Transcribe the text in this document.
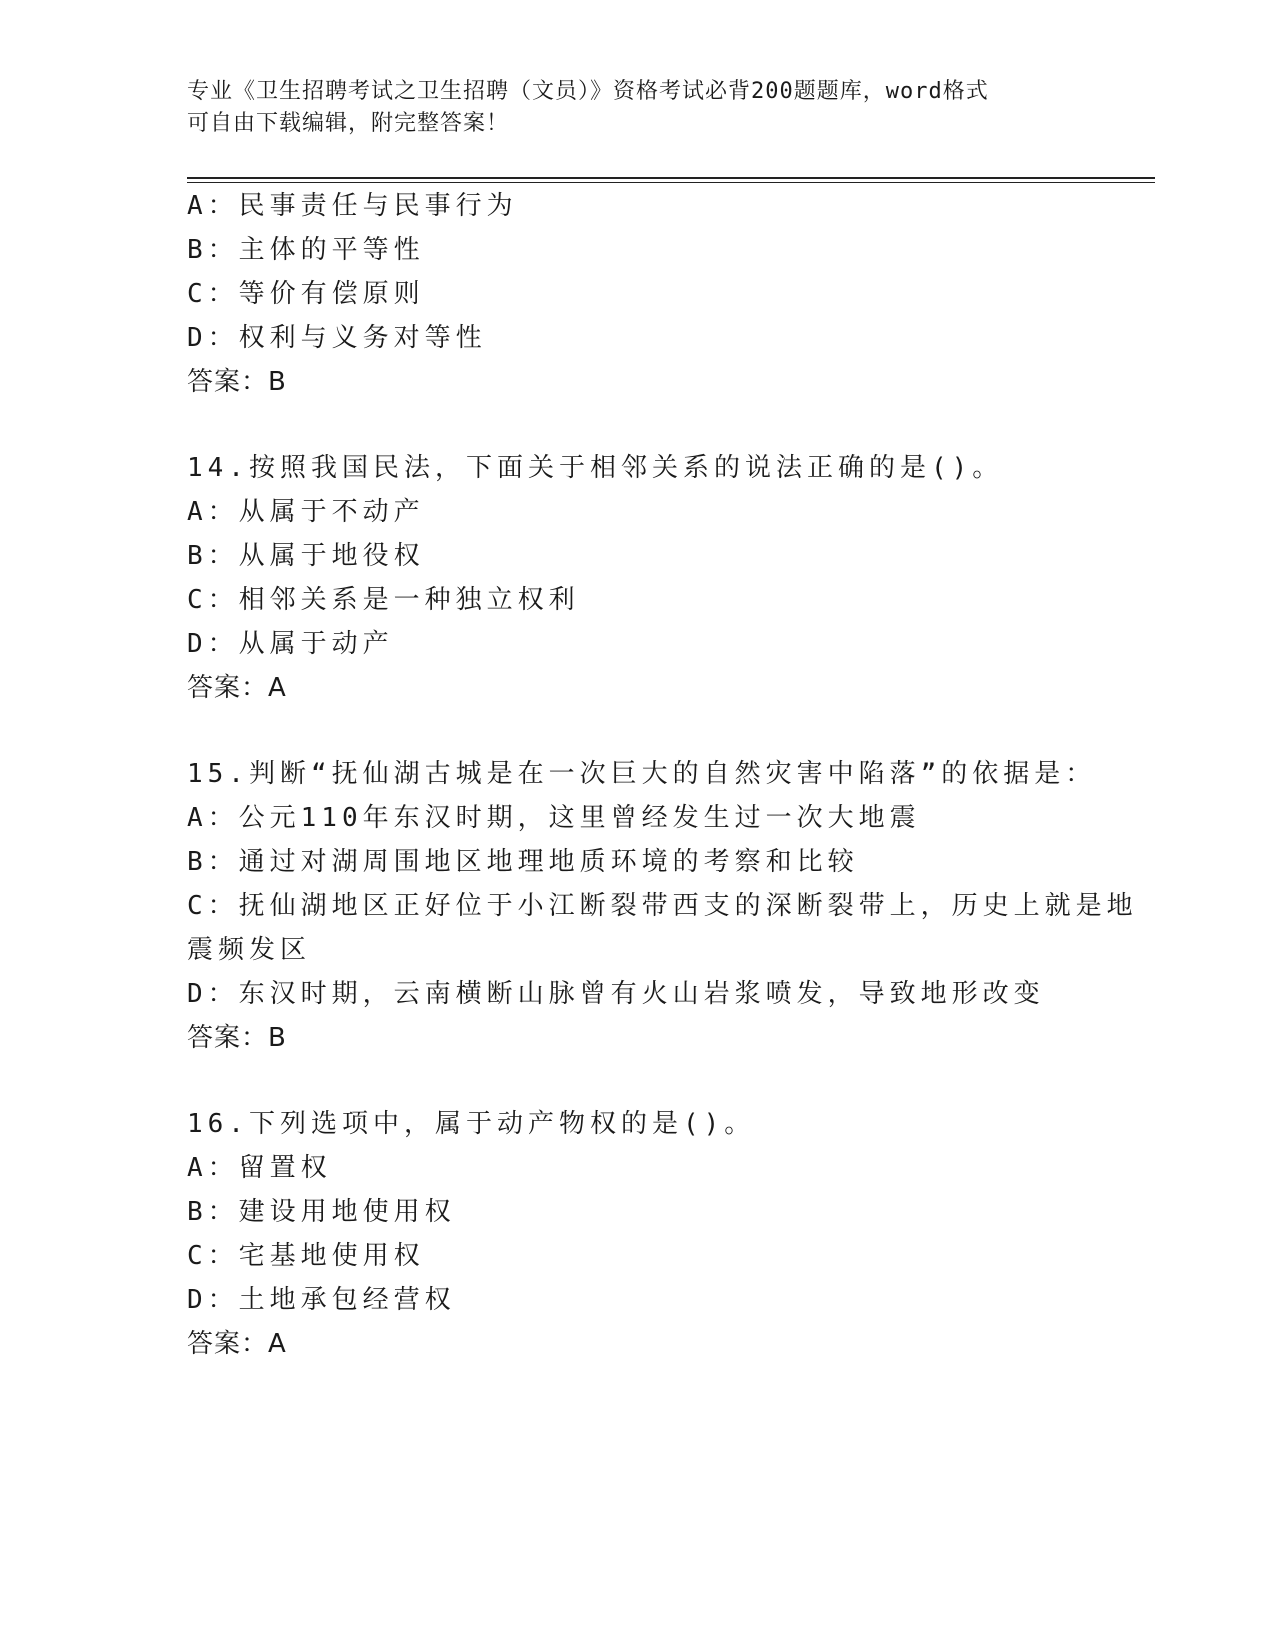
专业《卫生招聘考试之卫生招聘（文员）》资格考试必背200题题库，word格式
可自由下载编辑，附完整答案！
A：民事责任与民事行为
B：主体的平等性
C：等价有偿原则
D：权利与义务对等性
答案：B
14.按照我国民法，下面关于相邻关系的说法正确的是()。
A：从属于不动产
B：从属于地役权
C：相邻关系是一种独立权利
D：从属于动产
答案：A
15.判断“抚仙湖古城是在一次巨大的自然灾害中陷落”的依据是：
A：公元110年东汉时期，这里曾经发生过一次大地震
B：通过对湖周围地区地理地质环境的考察和比较
C：抚仙湖地区正好位于小江断裂带西支的深断裂带上，历史上就是地
震频发区
D：东汉时期，云南横断山脉曾有火山岩浆喷发，导致地形改变
答案：B
16.下列选项中，属于动产物权的是()。
A：留置权
B：建设用地使用权
C：宅基地使用权
D：土地承包经营权
答案：A
